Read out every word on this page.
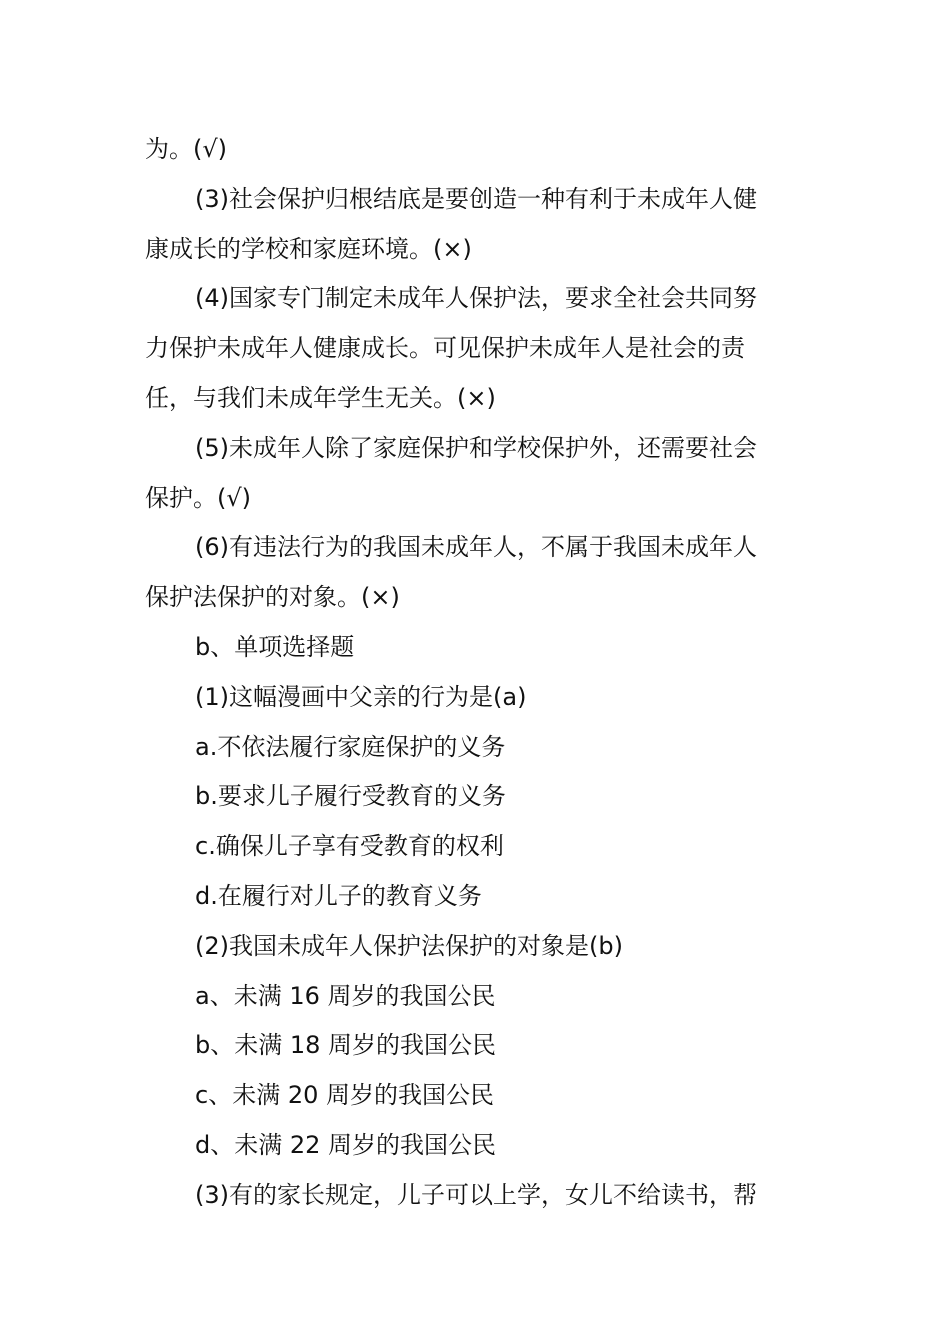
为。(√)
(3)社会保护归根结底是要创造一种有利于未成年人健
康成长的学校和家庭环境。(×)
(4)国家专门制定未成年人保护法，要求全社会共同努
力保护未成年人健康成长。可见保护未成年人是社会的责
任，与我们未成年学生无关。(×)
(5)未成年人除了家庭保护和学校保护外，还需要社会
保护。(√)
(6)有违法行为的我国未成年人，不属于我国未成年人
保护法保护的对象。(×)
b、单项选择题
(1)这幅漫画中父亲的行为是(a)
a.不依法履行家庭保护的义务
b.要求儿子履行受教育的义务
c.确保儿子享有受教育的权利
d.在履行对儿子的教育义务
(2)我国未成年人保护法保护的对象是(b)
a、未满 16 周岁的我国公民
b、未满 18 周岁的我国公民
c、未满 20 周岁的我国公民
d、未满 22 周岁的我国公民
(3)有的家长规定，儿子可以上学，女儿不给读书，帮
